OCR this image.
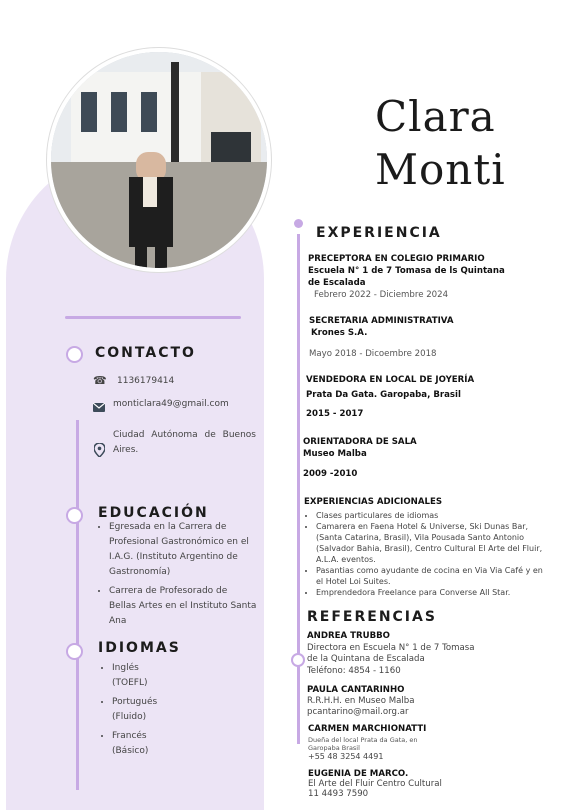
CONTACTO
☎ 1136179414
monticlara49@gmail.com
Ciudad Autónoma de Buenos Aires.
EDUCACIÓN
• Egresada en la Carrera de Profesional Gastronómico en el I.A.G. (Instituto Argentino de Gastronomía)
• Carrera de Profesorado de Bellas Artes en el Instituto Santa Ana
IDIOMAS
• Inglés
(TOEFL)
• Portugués
(Fluido)
• Francés
(Básico)
Clara
Monti
EXPERIENCIA
PRECEPTORA EN COLEGIO PRIMARIO
Escuela N° 1 de 7 Tomasa de ls Quintana de Escalada
Febrero 2022 - Diciembre 2024
SECRETARIA ADMINISTRATIVA
Krones S.A.
Mayo 2018 - Dicoembre 2018
VENDEDORA EN LOCAL DE JOYERÍA
Prata Da Gata. Garopaba, Brasil
2015 - 2017
ORIENTADORA DE SALA
Museo Malba
2009 -2010
EXPERIENCIAS ADICIONALES
• Clases particulares de idiomas
• Camarera en Faena Hotel & Universe, Ski Dunas Bar, (Santa Catarina, Brasil), Vila Pousada Santo Antonio (Salvador Bahia, Brasil), Centro Cultural El Arte del Fluir, A.L.A. eventos.
• Pasantias como ayudante de cocina en Via Via Café y en el Hotel Loi Suites.
• Emprendedora Freelance para Converse All Star.
REFERENCIAS
ANDREA TRUBBO
Directora en Escuela N° 1 de 7 Tomasa
de la Quintana de Escalada
Teléfono: 4854 - 1160
PAULA CANTARINHO
R.R.H.H. en Museo Malba
pcantarino@mail.org.ar
CARMEN MARCHIONATTI
Dueña del local Prata da Gata, en
Garopaba Brasil
+55 48 3254 4491
EUGENIA DE MARCO.
El Arte del Fluir Centro Cultural
11 4493 7590
